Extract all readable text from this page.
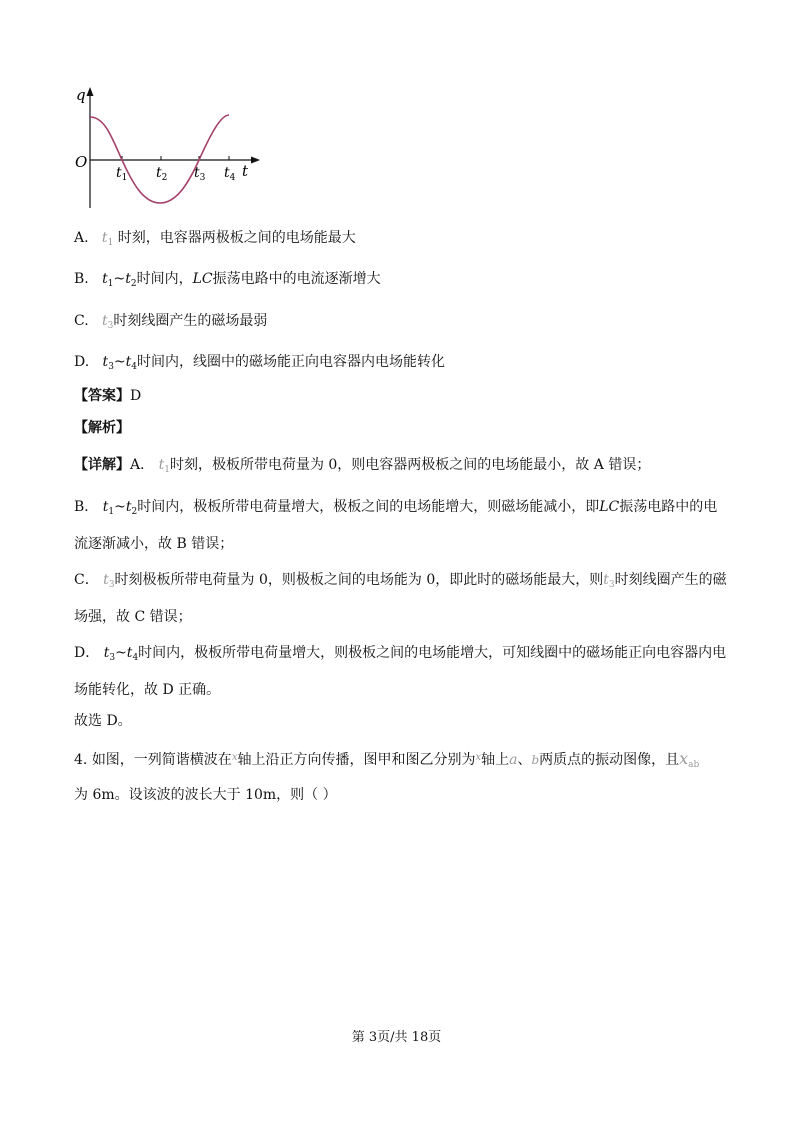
q
O	t
$t_1$ $t_2$ $t_3$ $t_4$
A. $t_1$ 时刻，电容器两极板之间的电场能最大
B. $t_1\sim t_2$时间内，LC振荡电路中的电流逐渐增大
C. $t_3$时刻线圈产生的磁场最弱
D. $t_3\sim t_4$时间内，线圈中的磁场能正向电容器内电场能转化
【答案】D
【解析】
【详解】A． $t_1$时刻，极板所带电荷量为 0，则电容器两极板之间的电场能最小，故 A 错误；
B． $t_1\sim t_2$时间内，极板所带电荷量增大，极板之间的电场能增大，则磁场能减小，即LC振荡电路中的电
流逐渐减小，故 B 错误；
C． $t_3$时刻极板所带电荷量为 0，则极板之间的电场能为 0，即此时的磁场能最大，则$t_3$时刻线圈产生的磁
场强，故 C 错误；
D． $t_3\sim t_4$时间内，极板所带电荷量增大，则极板之间的电场能增大，可知线圈中的磁场能正向电容器内电
场能转化，故 D 正确。
故选 D。
4. 如图，一列简谐横波在$^x$轴上沿正方向传播，图甲和图乙分别为$^x$轴上a、b两质点的振动图像，且$x_{ab}$
为 6m。设该波的波长大于 10m，则（ ）
第 3页/共 18页
